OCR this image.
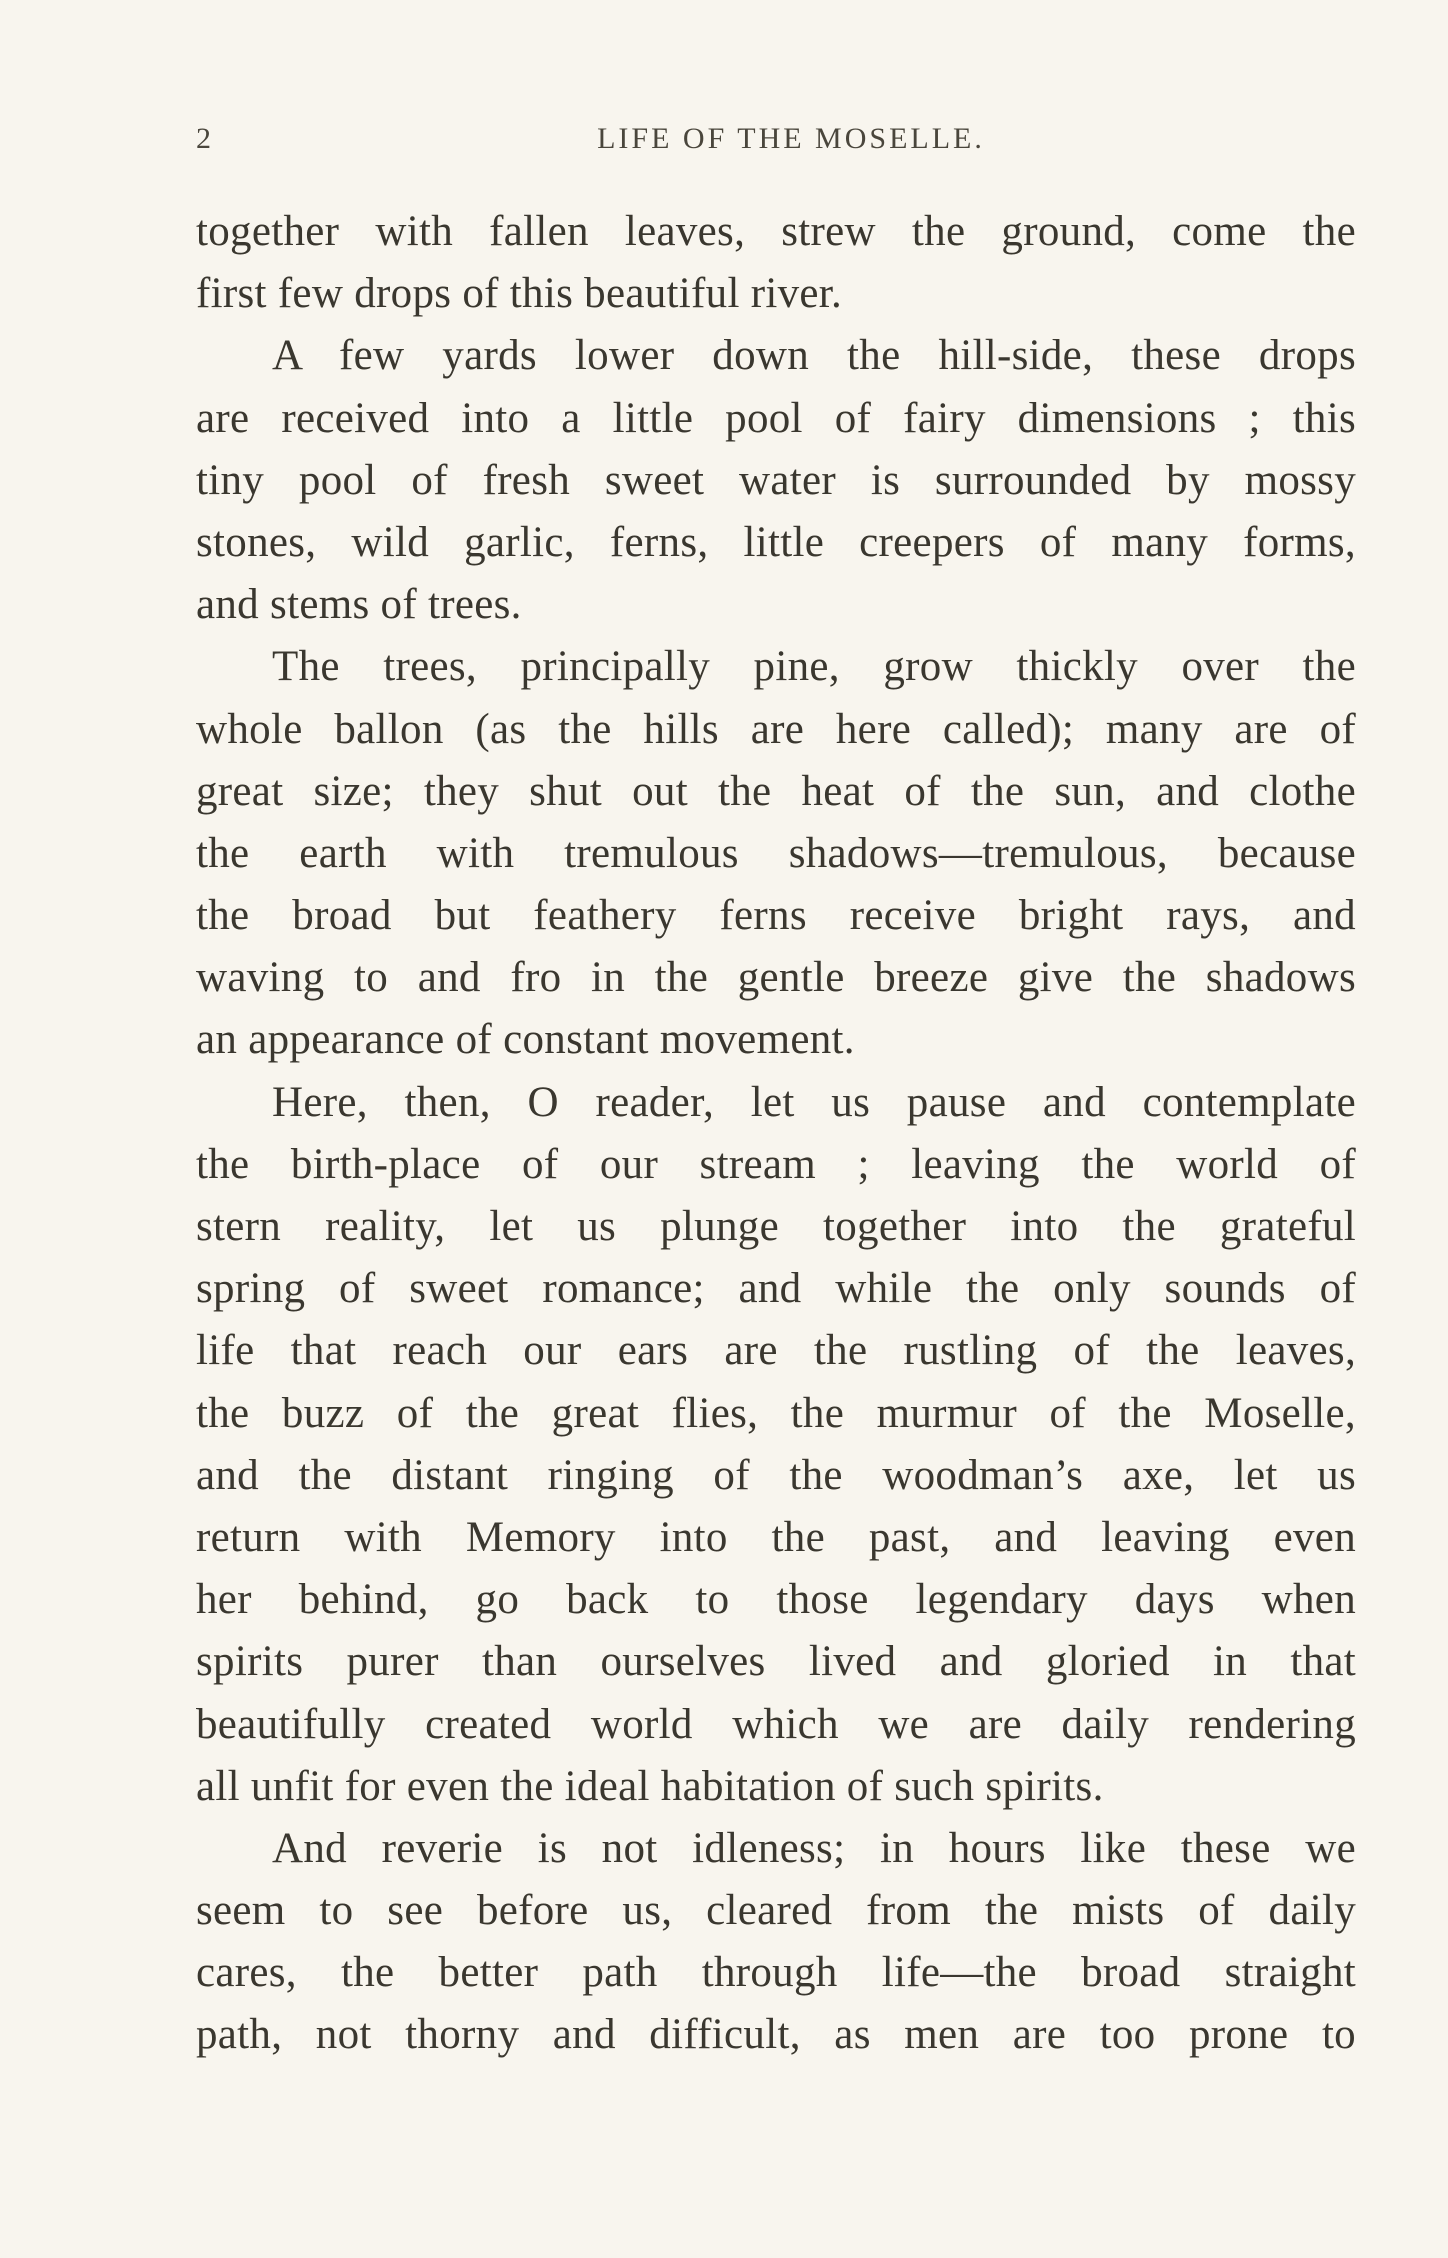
2	LIFE OF THE MOSELLE.
together with fallen leaves, strew the ground, come the
first few drops of this beautiful river.
A few yards lower down the hill-side, these drops
are received into a little pool of fairy dimensions ; this
tiny pool of fresh sweet water is surrounded by mossy
stones, wild garlic, ferns, little creepers of many forms,
and stems of trees.
The trees, principally pine, grow thickly over the
whole ballon (as the hills are here called); many are of
great size; they shut out the heat of the sun, and clothe
the earth with tremulous shadows—tremulous, because
the broad but feathery ferns receive bright rays, and
waving to and fro in the gentle breeze give the shadows
an appearance of constant movement.
Here, then, O reader, let us pause and contemplate
the birth-place of our stream ; leaving the world of
stern reality, let us plunge together into the grateful
spring of sweet romance; and while the only sounds of
life that reach our ears are the rustling of the leaves,
the buzz of the great flies, the murmur of the Moselle,
and the distant ringing of the woodman’s axe, let us
return with Memory into the past, and leaving even
her behind, go back to those legendary days when
spirits purer than ourselves lived and gloried in that
beautifully created world which we are daily rendering
all unfit for even the ideal habitation of such spirits.
And reverie is not idleness; in hours like these we
seem to see before us, cleared from the mists of daily
cares, the better path through life—the broad straight
path, not thorny and difficult, as men are too prone to
